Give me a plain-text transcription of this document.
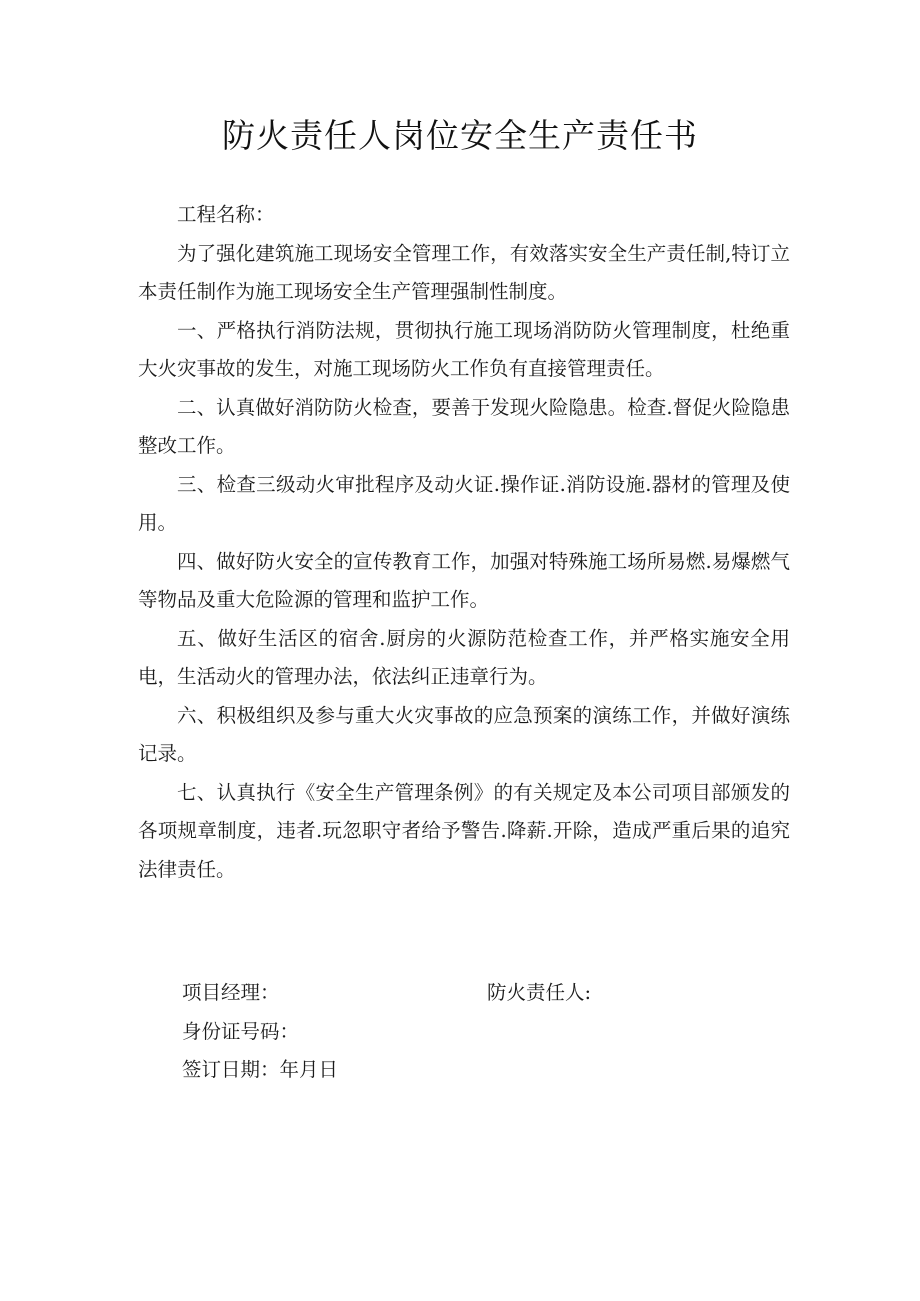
防火责任人岗位安全生产责任书

工程名称：

为了强化建筑施工现场安全管理工作，有效落实安全生产责任制,特订立本责任制作为施工现场安全生产管理强制性制度。

一、严格执行消防法规，贯彻执行施工现场消防防火管理制度，杜绝重大火灾事故的发生，对施工现场防火工作负有直接管理责任。

二、认真做好消防防火检查，要善于发现火险隐患。检查.督促火险隐患整改工作。

三、检查三级动火审批程序及动火证.操作证.消防设施.器材的管理及使用。

四、做好防火安全的宣传教育工作，加强对特殊施工场所易燃.易爆燃气等物品及重大危险源的管理和监护工作。

五、做好生活区的宿舍.厨房的火源防范检查工作，并严格实施安全用电，生活动火的管理办法，依法纠正违章行为。

六、积极组织及参与重大火灾事故的应急预案的演练工作，并做好演练记录。

七、认真执行《安全生产管理条例》的有关规定及本公司项目部颁发的各项规章制度，违者.玩忽职守者给予警告.降薪.开除，造成严重后果的追究法律责任。

项目经理：	防火责任人:
身份证号码：
签订日期：年月日
